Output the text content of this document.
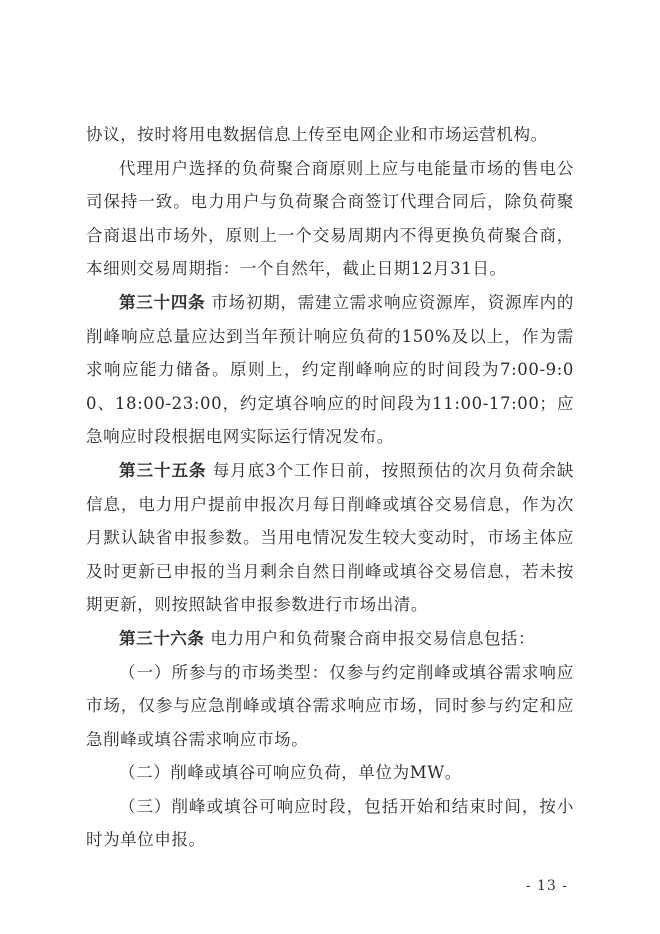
协议，按时将用电数据信息上传至电网企业和市场运营机构。

代理用户选择的负荷聚合商原则上应与电能量市场的售电公司保持一致。电力用户与负荷聚合商签订代理合同后，除负荷聚合商退出市场外，原则上一个交易周期内不得更换负荷聚合商，本细则交易周期指：一个自然年，截止日期12月31日。

第三十四条 市场初期，需建立需求响应资源库，资源库内的削峰响应总量应达到当年预计响应负荷的150%及以上，作为需求响应能力储备。原则上，约定削峰响应的时间段为7:00-9:00、18:00-23:00，约定填谷响应的时间段为11:00-17:00；应急响应时段根据电网实际运行情况发布。

第三十五条 每月底3个工作日前，按照预估的次月负荷余缺信息，电力用户提前申报次月每日削峰或填谷交易信息，作为次月默认缺省申报参数。当用电情况发生较大变动时，市场主体应及时更新已申报的当月剩余自然日削峰或填谷交易信息，若未按期更新，则按照缺省申报参数进行市场出清。

第三十六条 电力用户和负荷聚合商申报交易信息包括：

（一）所参与的市场类型：仅参与约定削峰或填谷需求响应市场，仅参与应急削峰或填谷需求响应市场，同时参与约定和应急削峰或填谷需求响应市场。

（二）削峰或填谷可响应负荷，单位为MW。

（三）削峰或填谷可响应时段，包括开始和结束时间，按小时为单位申报。

- 13 -
